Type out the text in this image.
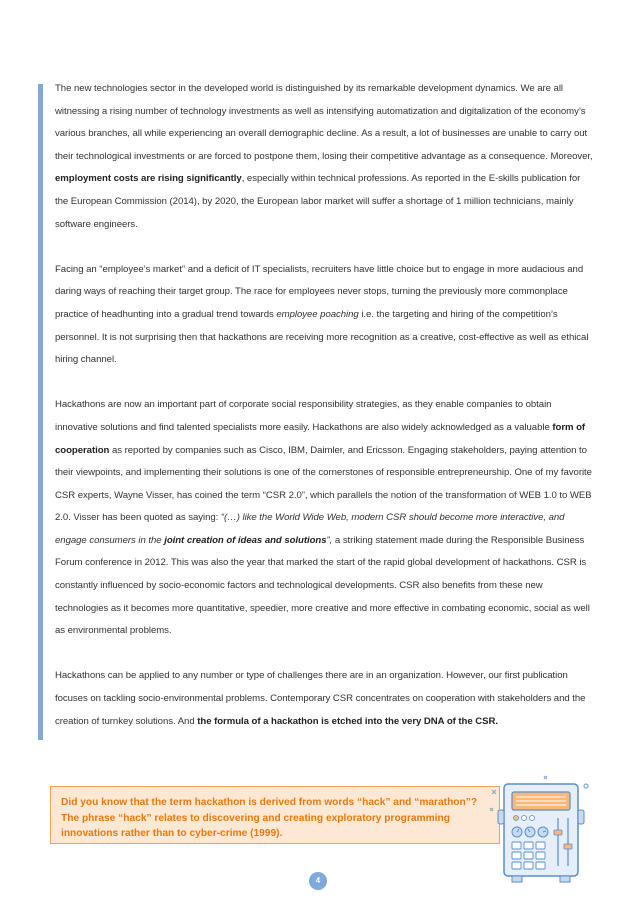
The new technologies sector in the developed world is distinguished by its remarkable development dynamics. We are all witnessing a rising number of technology investments as well as intensifying automatization and digitalization of the economy’s various branches, all while experiencing an overall demographic decline. As a result, a lot of businesses are unable to carry out their technological investments or are forced to postpone them, losing their competitive advantage as a consequence. Moreover, employment costs are rising significantly, especially within technical professions. As reported in the E-skills publication for the European Commission (2014), by 2020, the European labor market will suffer a shortage of 1 million technicians, mainly software engineers.

Facing an “employee’s market” and a deficit of IT specialists, recruiters have little choice but to engage in more audacious and daring ways of reaching their target group. The race for employees never stops, turning the previously more commonplace practice of headhunting into a gradual trend towards employee poaching i.e. the targeting and hiring of the competition’s personnel. It is not surprising then that hackathons are receiving more recognition as a creative, cost-effective as well as ethical hiring channel.

Hackathons are now an important part of corporate social responsibility strategies, as they enable companies to obtain innovative solutions and find talented specialists more easily. Hackathons are also widely acknowledged as a valuable form of cooperation as reported by companies such as Cisco, IBM, Daimler, and Ericsson. Engaging stakeholders, paying attention to their viewpoints, and implementing their solutions is one of the cornerstones of responsible entrepreneurship. One of my favorite CSR experts, Wayne Visser, has coined the term “CSR 2.0”, which parallels the notion of the transformation of WEB 1.0 to WEB 2.0. Visser has been quoted as saying: “(…) like the World Wide Web, modern CSR should become more interactive, and engage consumers in the joint creation of ideas and solutions”, a striking statement made during the Responsible Business Forum conference in 2012. This was also the year that marked the start of the rapid global development of hackathons. CSR is constantly influenced by socio-economic factors and technological developments. CSR also benefits from these new technologies as it becomes more quantitative, speedier, more creative and more effective in combating economic, social as well as environmental problems.

Hackathons can be applied to any number or type of challenges there are in an organization. However, our first publication focuses on tackling socio-environmental problems. Contemporary CSR concentrates on cooperation with stakeholders and the creation of turnkey solutions. And the formula of a hackathon is etched into the very DNA of the CSR.

Did you know that the term hackathon is derived from words “hack” and “marathon”? The phrase “hack” relates to discovering and creating exploratory programming innovations rather than to cyber-crime (1999).
4
